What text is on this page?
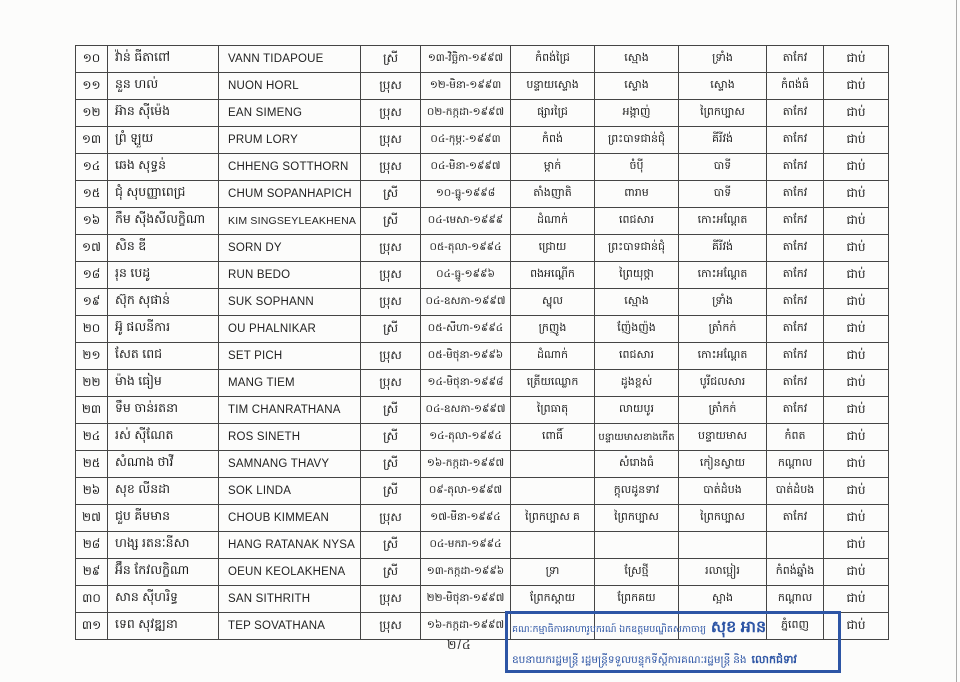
១០	វ៉ាន់ ធីតាពៅ	VANN TIDAPOUE	ស្រី	១៣-វិច្ឆិកា-១៩៩៧	កំពង់ជ្រៃ	ស្មោង	ទ្រាំង	តាកែវ	ជាប់
១១	នួន ហល់	NUON HORL	ប្រុស	១២-មិនា-១៩៩៣	បន្ទាយស្ទោង	ស្ទោង	ស្ទោង	កំពង់ធំ	ជាប់
១២	អ៊ាន ស៊ីម៉េង	EAN SIMENG	ប្រុស	០២-កក្កដា-១៩៩៧	ផ្សារជ្រៃ	អង្កាញ់	ព្រៃកប្បាស	តាកែវ	ជាប់
១៣	ព្រំ ឡួយ	PRUM LORY	ប្រុស	០៤-កុម្ភៈ-១៩៩៣	កំពង់	ព្រះបាទជាន់ជុំ	គីរីវង់	តាកែវ	ជាប់
១៤	ឆេង សុទ្ធន់	CHHENG SOTTHORN	ប្រុស	០៤-មិនា-១៩៩៧	ម្កាក់	ចំប៉ី	បាទី	តាកែវ	ជាប់
១៥	ជុំ សុបញ្ញាពេជ្រ	CHUM SOPANHAPICH	ស្រី	១០-ធ្នូ-១៩៩៨	តាំងញាតិ	ពារាម	បាទី	តាកែវ	ជាប់
១៦	កឹម ស៊ីងសីលក្ខិណា	KIM SINGSEYLEAKHENA	ស្រី	០៤-មេសា-១៩៩៩	ដំណាក់	ពេជសារ	កោះអណ្ដែត	តាកែវ	ជាប់
១៧	សិន ឌី	SORN DY	ប្រុស	០៥-តុលា-១៩៩៤	ជ្រោយ	ព្រះបាទជាន់ជុំ	គីរីវង់	តាកែវ	ជាប់
១៨	រុន បេដូ	RUN BEDO	ប្រុស	០៤-ធ្នូ-១៩៩៦	ពងអណ្តើក	ព្រៃយុថ្កា	កោះអណ្ដែត	តាកែវ	ជាប់
១៩	ស៊ុក សុផាន់	SUK SOPHANN	ប្រុស	០៤-ឧសភា-១៩៩៧	ស្នុល	ស្មោង	ទ្រាំង	តាកែវ	ជាប់
២០	អ៊ូ ផលនីការ	OU PHALNIKAR	ស្រី	០៥-សីហា-១៩៩៤	ក្រញូង	ញ៉ែងញ៉ង	ត្រាំកក់	តាកែវ	ជាប់
២១	សែត ពេជ	SET PICH	ប្រុស	០៥-មិថុនា-១៩៩៦	ដំណាក់	ពេជសារ	កោះអណ្ដែត	តាកែវ	ជាប់
២២	ម៉ាង ធៀម	MANG TIEM	ប្រុស	១៤-មិថុនា-១៩៩៨	ត្រើយឈ្លោក	ដូងខ្ពស់	បូរីជលសារ	តាកែវ	ជាប់
២៣	ទឹម ចាន់រតនា	TIM CHANRATHANA	ស្រី	០៤-ឧសភា-១៩៩៧	ព្រៃធាតុ	លាយបូរ	ត្រាំកក់	តាកែវ	ជាប់
២៤	រស់ ស៊ីណែត	ROS SINETH	ស្រី	១៤-តុលា-១៩៩៤	ពោធិ៍	បន្ទាយមាសខាងកើត	បន្ទាយមាស	កំពត	ជាប់
២៥	សំណាង ថាវី	SAMNANG THAVY	ស្រី	១៦-កក្កដា-១៩៩៧		សំរោងធំ	កៀនស្វាយ	កណ្ដាល	ជាប់
២៦	សុខ លីនដា	SOK LINDA	ស្រី	០៩-តុលា-១៩៩៧		ក្ដុលដូនទាវ	បាត់ដំបង	បាត់ដំបង	ជាប់
២៧	ជួប គីមមាន	CHOUB KIMMEAN	ប្រុស	១៧-មីនា-១៩៩៤	ព្រៃកប្បាស គ	ព្រៃកប្បាស	ព្រៃកប្បាស	តាកែវ	ជាប់
២៨	ហង្ស រតនៈនីសា	HANG RATANAK NYSA	ស្រី	០៤-មករា-១៩៩៤					ជាប់
២៩	អ៊ឹន កែវលក្ខិណា	OEUN KEOLAKHENA	ស្រី	១៣-កក្កដា-១៩៩៦	ទ្រា	ស្រែថ្មី	រលាប្អៀរ	កំពង់ឆ្នាំង	ជាប់
៣០	សាន ស៊ីហរិទ្ធ	SAN SITHRITH	ប្រុស	២២-មិថុនា-១៩៩៧	ព្រែកស្ដាយ	ព្រែកគយ	ស្អាង	កណ្ដាល	ជាប់
៣១	ទេព សុវឌ្ឍនា	TEP SOVATHANA	ប្រុស	១៦-កក្កដា-១៩៩៧				ភ្នំពេញ	ជាប់
គណៈកម្មាធិការអាហារូបករណ៍ ឯកឧត្តមបណ្ឌិតសភាចារ្យ សុខ អាន
ឧបនាយករដ្ឋមន្ត្រី រដ្ឋមន្ត្រីទទួលបន្ទុកទីស្ដីការគណៈរដ្ឋមន្ត្រី និង លោកជំទាវ
២/៤
